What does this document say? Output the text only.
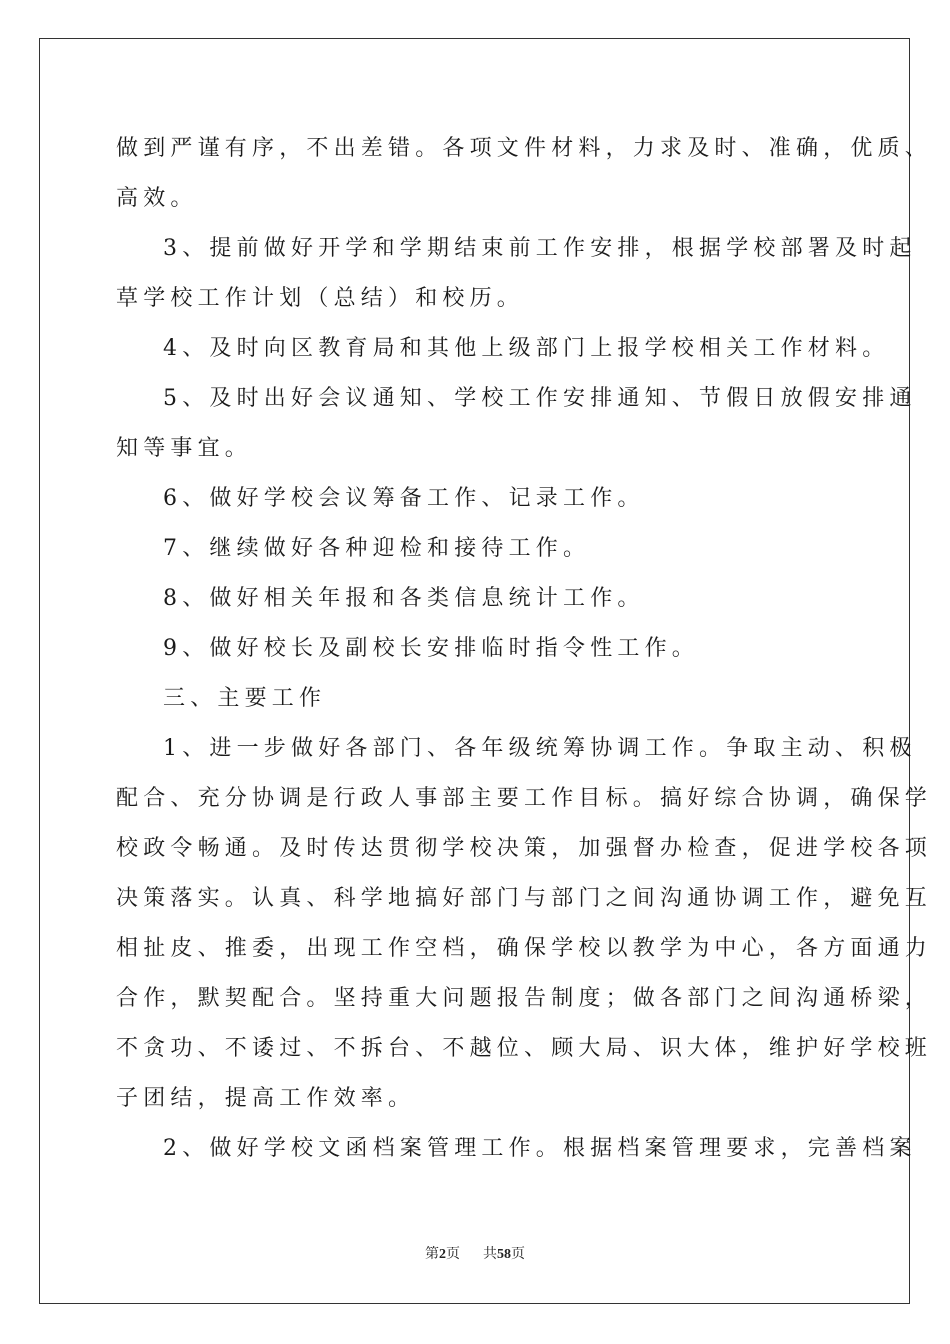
做到严谨有序，不出差错。各项文件材料，力求及时、准确，优质、
高效。
3、提前做好开学和学期结束前工作安排，根据学校部署及时起
草学校工作计划（总结）和校历。
4、及时向区教育局和其他上级部门上报学校相关工作材料。
5、及时出好会议通知、学校工作安排通知、节假日放假安排通
知等事宜。
6、做好学校会议筹备工作、记录工作。
7、继续做好各种迎检和接待工作。
8、做好相关年报和各类信息统计工作。
9、做好校长及副校长安排临时指令性工作。
三、主要工作
1、进一步做好各部门、各年级统筹协调工作。争取主动、积极
配合、充分协调是行政人事部主要工作目标。搞好综合协调，确保学
校政令畅通。及时传达贯彻学校决策，加强督办检查，促进学校各项
决策落实。认真、科学地搞好部门与部门之间沟通协调工作，避免互
相扯皮、推委，出现工作空档，确保学校以教学为中心，各方面通力
合作，默契配合。坚持重大问题报告制度；做各部门之间沟通桥梁，
不贪功、不诿过、不拆台、不越位、顾大局、识大体，维护好学校班
子团结，提高工作效率。
2、做好学校文函档案管理工作。根据档案管理要求，完善档案
第2页 共58页
